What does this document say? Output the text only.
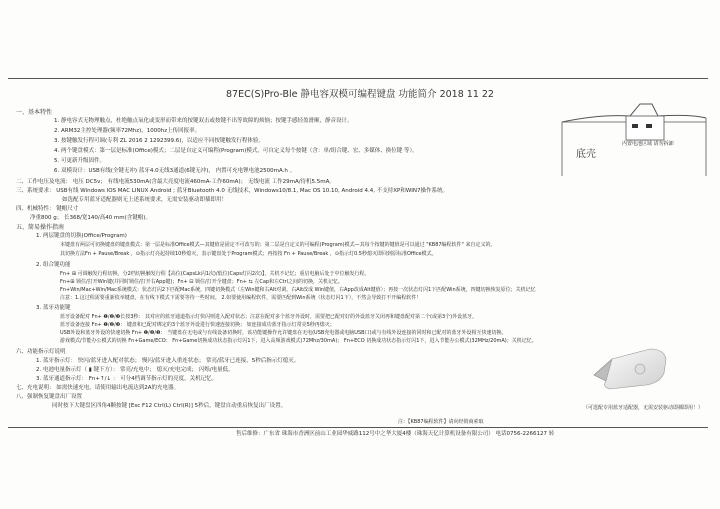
87EC(S)Pro-Ble 静电容双模可编程键盘 功能简介 2018 11 22
一、基本特性
1. 静电容式无物理触点，杜绝触点氧化或变形而带来的按键双击或按键不出等故障的烦恼；按键手感轻盈滑顺，静音设计。
2. ARM32主控处理器(频率72Mhz)，1000hz上传回报率。
3. 按键触发行程可调(专利 ZL 2016 2 1292399.6)，以适应不同按键触发行程体验。
4. 两个键盘模式：第一层是标准(Office)模式；二层是自定义可编程(Program)模式，可自定义每个按键（含：单/组合键、宏、多媒体、换位键 等）。
5. 可更新升级固件。
6. 双模设计：USB有线(全键无冲) 蓝牙4.0无线3通道(6键无冲)， 内置可充电锂电池2500mA.h 。
二、工作电压及电流： 电压 DC5v； 有线电流530mA(含最大亮度电流460mA-工作60mA)； 无线电流 工作29mA/待机5.5mA。
三、系统要求： USB有线 Windows IOS MAC LINUX Android ; 蓝牙Bluetooth 4.0 无线技术，Windows10/8.1, Mac OS 10.10, Android 4.4, 不支持XP和WIN7操作系统。
如选配专用蓝牙适配器则无上述系统要求，无需安装驱动即插即用！
四、机械特性： 键帽尺寸
净重800 g； 长368/宽140/高40 mm(含键帽)。
五、简易操作指南
1. 两层键盘的切换(Office/Program)
本键盘有两层可切换键盘的键盘模式：第一层是标准Office模式—其键值是固定不可改写的；第二层是自定义的可编程(Program)模式—其每个按键的键值是可以通过 "KB87编程软件" 来自定义的。
其切换方法Fn + Pause/Break ，⊙指示灯亮起持续10秒熄灭，表示键盘处于Program模式；再按按 Fn + Pause/Break ，⊙指示灯0.5秒熄灭即回到原标准Office模式。
2. 组合键功能
Fn+ ⊞ 可调触发行程切换，分2档切换触发行程【高位(CapsLk闪1次)/低位(Caps灯闪2次)】，关机不记忆；重启电脑后处于中位触发行程。
Fn+⊞ 锁住/打开Win键(并同时锁住/打开右App键)；Fn+ ⊟ 锁住/打开全键盘；Fn+ ⇆ 左Cap和左Ctrl之间的切换，关机记忆。
Fn+Win/Mac+Win/Mac系统模式：状态灯闪2下匹配Mac系统，四键切换模式（左Win键和右Alt对调，右Alt改成 Win键值，右App改成Alt键值）；再按一次状态灯闪1下匹配Win系统，四键切换恢复原位；关机记忆
注意：1.这过程需要重新枚举键盘，在有线下模式下需要等待一些时间。 2.如要使用编程软件，需要匹配到Win系统（状态灯闪1下），不然会导致打不开编程软件！
3. 蓝牙功能键
蓝牙设备配对 Fn+ ❶/❷/❸长按3秒： 其对应的蓝牙通道指示灯快闪则进入配对状态；注意在配对多个蓝牙外设时，需要把已配对好的外设蓝牙关闭再和键盘配对第二个(或第3个)外设蓝牙。
蓝牙设备连接 Fn+ ❶/❷/❸： 键盘和已配对绑定的3个蓝牙外设进行快速连接切换； 如连接成功蓝牙指示灯常亮5秒再熄灭；
USB外设和蓝牙外设的快速切换 Fn+ ❶/❷/❸： 当键盘在无电或与有线设备切换时，该功能键操作允许键盘在无电(USB充电器或电脑USB口)或与有线外设连接的同时和已配对的蓝牙外设相互快速切换。
游戏模式/节能办公模式的切换 Fn+Game/ECO： Fn+Game切换成功状态指示灯闪1下，进入高频游戏模式(72Mhz/30mA)； Fn+ECO 切换成功状态指示灯闪1下，进入节能办公模式(32MHz/20mA)；关机记忆。
六、功能指示灯说明
1. 蓝牙指示灯： 快闪/蓝牙进入配对状态； 慢闪/蓝牙进入重连状态； 常亮/蓝牙已连接，5秒后指示灯熄灭。
2. 电池电量指示灯（ ▮ 键下方）： 常亮/充电中； 熄灭/充电完成； 闪烁/电量低。
3. 蓝牙通道指示灯： Fn+↑/↓ ： 可分4档调节指示灯的亮度，关机记忆。
七、充电说明： 如需快速充电，请使用输出电流达到2A的充电器。
八、强制恢复键盘出厂设置
同时按下大键盘区四角4颗按键 [Esc F12 Ctrl(L) Ctrl(R)] 5秒后，键盘自动重启恢复出厂设置。
内置电池区域 请勿拆卸
底壳
（可选配专用蓝牙适配器，无需安装驱动即插即用！）
注：【KB87编程软件】请向经销商索取
售后维修：广东省 珠海市香洲区前山工业园华威路112号中之华大厦4楼（珠海天亿计算机设备有限公司） 电话0756-2266127 转
